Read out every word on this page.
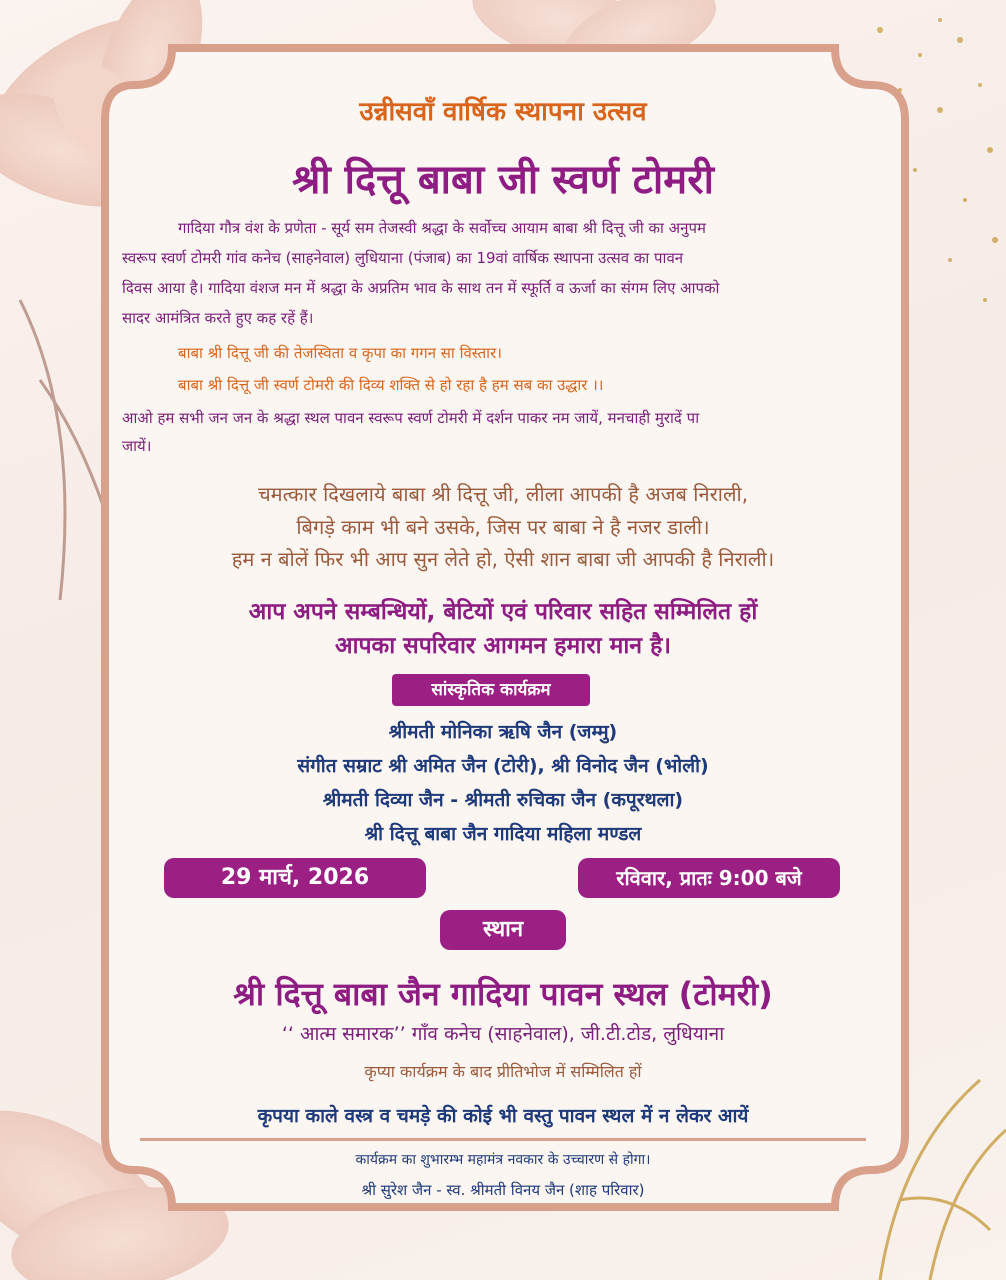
उन्नीसवाँ वार्षिक स्थापना उत्सव
श्री दित्तू बाबा जी स्वर्ण टोमरी
गादिया गौत्र वंश के प्रणेता - सूर्य सम तेजस्वी श्रद्धा के सर्वोच्च आयाम बाबा श्री दित्तू जी का अनुपम
स्वरूप स्वर्ण टोमरी गांव कनेच (साहनेवाल) लुधियाना (पंजाब) का 19वां वार्षिक स्थापना उत्सव का पावन
दिवस आया है। गादिया वंशज मन में श्रद्धा के अप्रतिम भाव के साथ तन में स्फूर्ति व ऊर्जा का संगम लिए आपको
सादर आमंत्रित करते हुए कह रहें हैं।
बाबा श्री दित्तू जी की तेजस्विता व कृपा का गगन सा विस्तार।
बाबा श्री दित्तू जी स्वर्ण टोमरी की दिव्य शक्ति से हो रहा है हम सब का उद्धार ।।
आओ हम सभी जन जन के श्रद्धा स्थल पावन स्वरूप स्वर्ण टोमरी में दर्शन पाकर नम जायें, मनचाही मुरादें पा
जायें।
चमत्कार दिखलाये बाबा श्री दित्तू जी, लीला आपकी है अजब निराली,
बिगड़े काम भी बने उसके, जिस पर बाबा ने है नजर डाली।
हम न बोलें फिर भी आप सुन लेते हो, ऐसी शान बाबा जी आपकी है निराली।
आप अपने सम्बन्धियों, बेटियों एवं परिवार सहित सम्मिलित हों
आपका सपरिवार आगमन हमारा मान है।
सांस्कृतिक कार्यक्रम
श्रीमती मोनिका ऋषि जैन (जम्मु)
संगीत सम्राट श्री अमित जैन (टोरी), श्री विनोद जैन (भोली)
श्रीमती दिव्या जैन - श्रीमती रुचिका जैन (कपूरथला)
श्री दित्तू बाबा जैन गादिया महिला मण्डल
29 मार्च, 2026	रविवार, प्रातः 9:00 बजे
स्थान
श्री दित्तू बाबा जैन गादिया पावन स्थल (टोमरी)
‘‘ आत्म समारक’’ गाँव कनेच (साहनेवाल), जी.टी.टोड, लुधियाना
कृप्या कार्यक्रम के बाद प्रीतिभोज में सम्मिलित हों
कृपया काले वस्त्र व चमड़े की कोई भी वस्तु पावन स्थल में न लेकर आयें
कार्यक्रम का शुभारम्भ महामंत्र नवकार के उच्चारण से होगा।
श्री सुरेश जैन - स्व. श्रीमती विनय जैन (शाह परिवार)
